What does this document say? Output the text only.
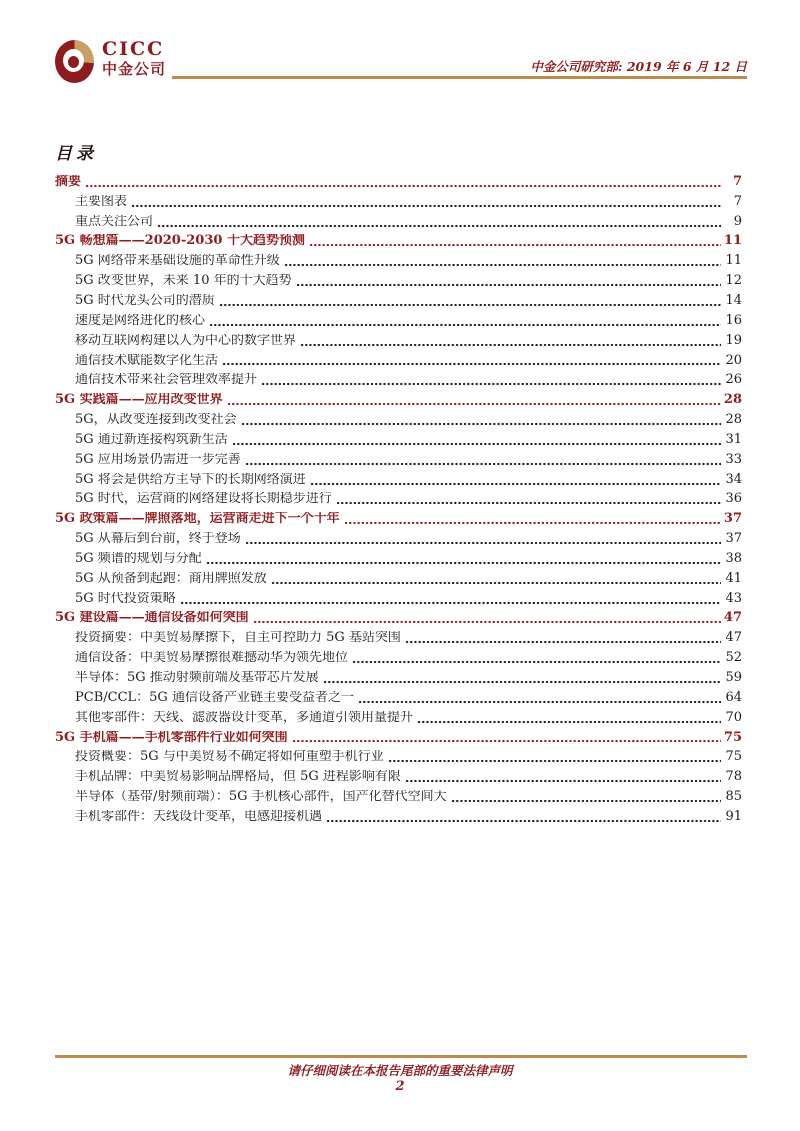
CICC
中金公司	中金公司研究部: 2019 年 6 月 12 日
目录
摘要	7
主要图表	7
重点关注公司	9
5G 畅想篇——2020-2030 十大趋势预测	11
5G 网络带来基础设施的革命性升级	11
5G 改变世界，未来 10 年的十大趋势	12
5G 时代龙头公司的潜质	14
速度是网络进化的核心	16
移动互联网构建以人为中心的数字世界	19
通信技术赋能数字化生活	20
通信技术带来社会管理效率提升	26
5G 实践篇——应用改变世界	28
5G，从改变连接到改变社会	28
5G 通过新连接构筑新生活	31
5G 应用场景仍需进一步完善	33
5G 将会是供给方主导下的长期网络演进	34
5G 时代，运营商的网络建设将长期稳步进行	36
5G 政策篇——牌照落地，运营商走进下一个十年	37
5G 从幕后到台前，终于登场	37
5G 频谱的规划与分配	38
5G 从预备到起跑：商用牌照发放	41
5G 时代投资策略	43
5G 建设篇——通信设备如何突围	47
投资摘要：中美贸易摩擦下，自主可控助力 5G 基站突围	47
通信设备：中美贸易摩擦很难撼动华为领先地位	52
半导体：5G 推动射频前端及基带芯片发展	59
PCB/CCL：5G 通信设备产业链主要受益者之一	64
其他零部件：天线、滤波器设计变革，多通道引领用量提升	70
5G 手机篇——手机零部件行业如何突围	75
投资概要：5G 与中美贸易不确定将如何重塑手机行业	75
手机品牌：中美贸易影响品牌格局，但 5G 进程影响有限	78
半导体（基带/射频前端）：5G 手机核心部件，国产化替代空间大	85
手机零部件：天线设计变革，电感迎接机遇	91
请仔细阅读在本报告尾部的重要法律声明
2
